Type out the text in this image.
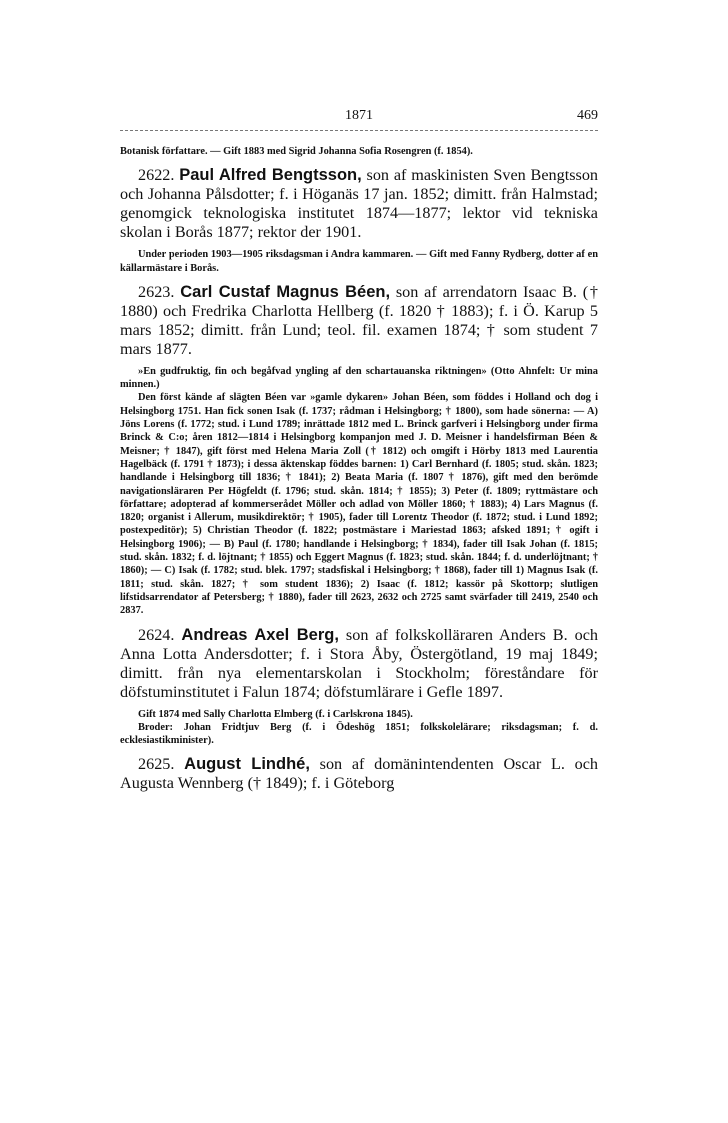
1871	469

Botanisk författare. — Gift 1883 med Sigrid Johanna Sofia Rosengren (f. 1854).

2622. Paul Alfred Bengtsson, son af maskinisten Sven Bengtsson och Johanna Pålsdotter; f. i Höganäs 17 jan. 1852; dimitt. från Halmstad; genomgick teknologiska institutet 1874—1877; lektor vid tekniska skolan i Borås 1877; rektor der 1901.

Under perioden 1903—1905 riksdagsman i Andra kammaren. — Gift med Fanny Rydberg, dotter af en källarmästare i Borås.

2623. Carl Custaf Magnus Béen, son af arrendatorn Isaac B. († 1880) och Fredrika Charlotta Hellberg (f. 1820 † 1883); f. i Ö. Karup 5 mars 1852; dimitt. från Lund; teol. fil. examen 1874; † som student 7 mars 1877.

»En gudfruktig, fin och begåfvad yngling af den schartauanska riktningen» (Otto Ahnfelt: Ur mina minnen.)

Den först kände af slägten Béen var »gamle dykaren» Johan Béen, som föddes i Holland och dog i Helsingborg 1751. Han fick sonen Isak (f. 1737; rådman i Helsingborg; † 1800), som hade sönerna: — A) Jöns Lorens (f. 1772; stud. i Lund 1789; inrättade 1812 med L. Brinck garfveri i Helsingborg under firma Brinck & C:o; åren 1812—1814 i Helsingborg kompanjon med J. D. Meisner i handelsfirman Béen & Meisner; † 1847), gift först med Helena Maria Zoll († 1812) och omgift i Hörby 1813 med Laurentia Hagelbäck (f. 1791 † 1873); i dessa äktenskap föddes barnen: 1) Carl Bernhard (f. 1805; stud. skån. 1823; handlande i Helsingborg till 1836; † 1841); 2) Beata Maria (f. 1807 † 1876), gift med den berömde navigationsläraren Per Högfeldt (f. 1796; stud. skån. 1814; † 1855); 3) Peter (f. 1809; ryttmästare och författare; adopterad af kommerserådet Möller och adlad von Möller 1860; † 1883); 4) Lars Magnus (f. 1820; organist i Allerum, musikdirektör; † 1905), fader till Lorentz Theodor (f. 1872; stud. i Lund 1892; postexpeditör); 5) Christian Theodor (f. 1822; postmästare i Mariestad 1863; afsked 1891; † ogift i Helsingborg 1906); — B) Paul (f. 1780; handlande i Helsingborg; † 1834), fader till Isak Johan (f. 1815; stud. skån. 1832; f. d. löjtnant; † 1855) och Eggert Magnus (f. 1823; stud. skån. 1844; f. d. underlöjtnant; † 1860); — C) Isak (f. 1782; stud. blek. 1797; stadsfiskal i Helsingborg; † 1868), fader till 1) Magnus Isak (f. 1811; stud. skån. 1827; † som student 1836); 2) Isaac (f. 1812; kassör på Skottorp; slutligen lifstidsarrendator af Petersberg; † 1880), fader till 2623, 2632 och 2725 samt svärfader till 2419, 2540 och 2837.

2624. Andreas Axel Berg, son af folkskolläraren Anders B. och Anna Lotta Andersdotter; f. i Stora Åby, Östergötland, 19 maj 1849; dimitt. från nya elementarskolan i Stockholm; föreståndare för döfstuminstitutet i Falun 1874; döfstumlärare i Gefle 1897.

Gift 1874 med Sally Charlotta Elmberg (f. i Carlskrona 1845).

Broder: Johan Fridtjuv Berg (f. i Ödeshög 1851; folkskolelärare; riksdagsman; f. d. ecklesiastikminister).

2625. August Lindhé, son af domänintendenten Oscar L. och Augusta Wennberg († 1849); f. i Göteborg
